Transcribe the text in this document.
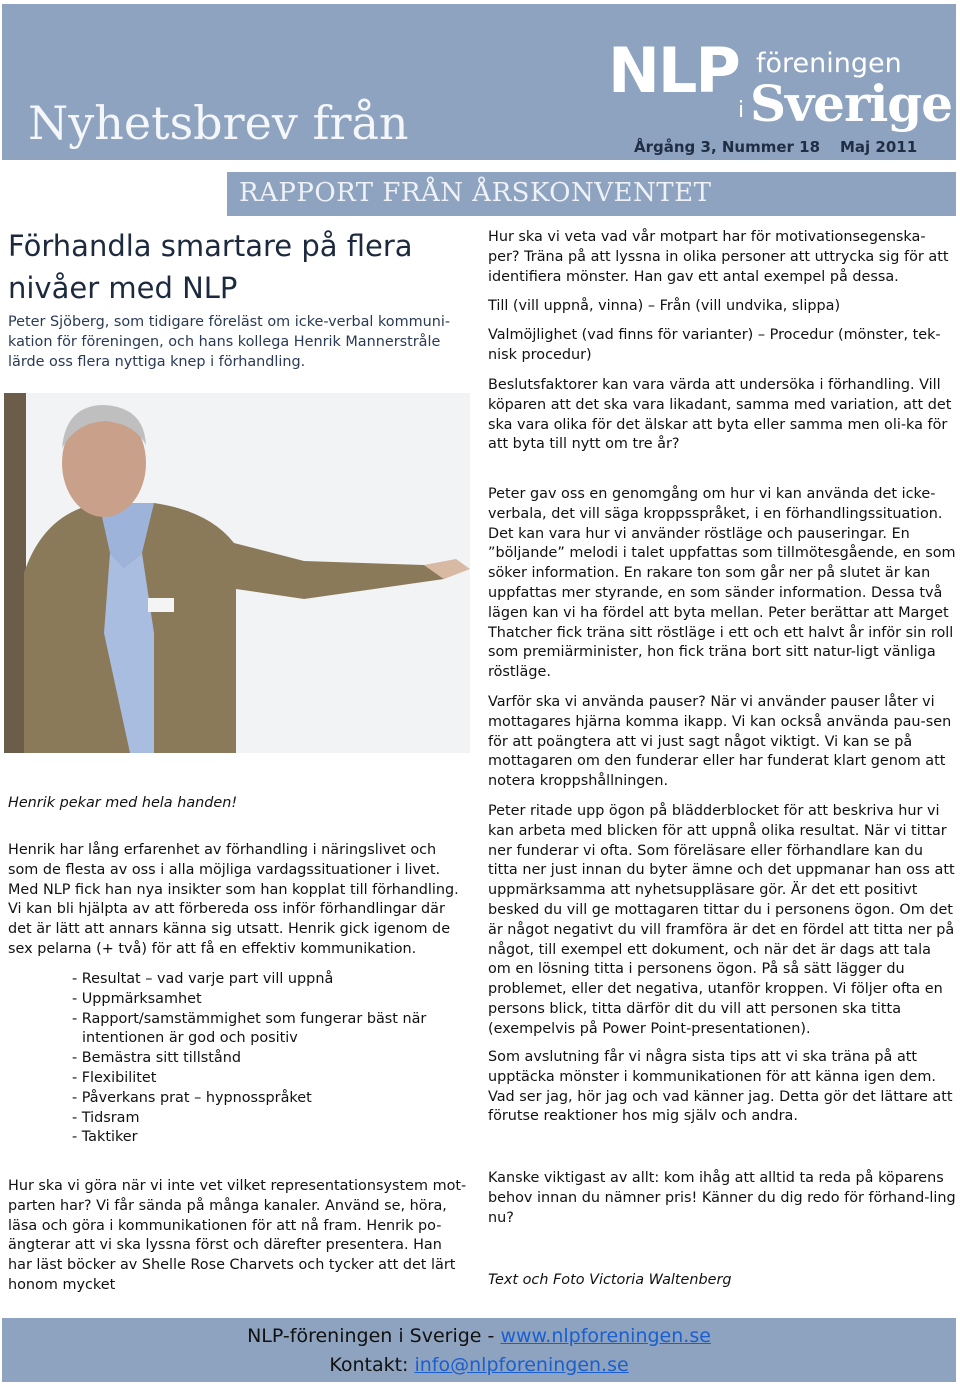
Nyhetsbrev från
NLP föreningen
i Sverige
Årgång 3, Nummer 18 Maj 2011
RAPPORT FRÅN ÅRSKONVENTET
Förhandla smartare på flera nivåer med NLP

Peter Sjöberg, som tidigare föreläst om icke-verbal kommuni-kation för föreningen, och hans kollega Henrik Mannerstråle lärde oss flera nyttiga knep i förhandling.

Henrik pekar med hela handen!

Henrik har lång erfarenhet av förhandling i näringslivet och som de flesta av oss i alla möjliga vardagssituationer i livet. Med NLP fick han nya insikter som han kopplat till förhandling. Vi kan bli hjälpta av att förbereda oss inför förhandlingar där det är lätt att annars känna sig utsatt. Henrik gick igenom de sex pelarna (+ två) för att få en effektiv kommunikation.

- Resultat – vad varje part vill uppnå
- Uppmärksamhet
- Rapport/samstämmighet som fungerar bäst när intentionen är god och positiv
- Bemästra sitt tillstånd
- Flexibilitet
- Påverkans prat – hypnosspråket
- Tidsram
- Taktiker

Hur ska vi göra när vi inte vet vilket representationsystem mot-parten har? Vi får sända på många kanaler. Använd se, höra, läsa och göra i kommunikationen för att nå fram. Henrik po-ängterar att vi ska lyssna först och därefter presentera. Han har läst böcker av Shelle Rose Charvets och tycker att det lärt honom mycket

Hur ska vi veta vad vår motpart har för motivationsegenska-per? Träna på att lyssna in olika personer att uttrycka sig för att identifiera mönster. Han gav ett antal exempel på dessa.

Till (vill uppnå, vinna) – Från (vill undvika, slippa)

Valmöjlighet (vad finns för varianter) – Procedur (mönster, tek-nisk procedur)

Beslutsfaktorer kan vara värda att undersöka i förhandling. Vill köparen att det ska vara likadant, samma med variation, att det ska vara olika för det älskar att byta eller samma men oli-ka för att byta till nytt om tre år?

Peter gav oss en genomgång om hur vi kan använda det icke-verbala, det vill säga kroppsspråket, i en förhandlingssituation. Det kan vara hur vi använder röstläge och pauseringar. En ”böljande” melodi i talet uppfattas som tillmötesgående, en som söker information. En rakare ton som går ner på slutet är kan uppfattas mer styrande, en som sänder information. Dessa två lägen kan vi ha fördel att byta mellan. Peter berättar att Marget Thatcher fick träna sitt röstläge i ett och ett halvt år inför sin roll som premiärminister, hon fick träna bort sitt natur-ligt vänliga röstläge.

Varför ska vi använda pauser? När vi använder pauser låter vi mottagares hjärna komma ikapp. Vi kan också använda pau-sen för att poängtera att vi just sagt något viktigt. Vi kan se på mottagaren om den funderar eller har funderat klart genom att notera kroppshållningen.

Peter ritade upp ögon på blädderblocket för att beskriva hur vi kan arbeta med blicken för att uppnå olika resultat. När vi tittar ner funderar vi ofta. Som föreläsare eller förhandlare kan du titta ner just innan du byter ämne och det uppmanar han oss att uppmärksamma att nyhetsuppläsare gör. Är det ett positivt besked du vill ge mottagaren tittar du i personens ögon. Om det är något negativt du vill framföra är det en fördel att titta ner på något, till exempel ett dokument, och när det är dags att tala om en lösning titta i personens ögon. På så sätt lägger du problemet, eller det negativa, utanför kroppen. Vi följer ofta en persons blick, titta därför dit du vill att personen ska titta (exempelvis på Power Point-presentationen).

Som avslutning får vi några sista tips att vi ska träna på att upptäcka mönster i kommunikationen för att känna igen dem. Vad ser jag, hör jag och vad känner jag. Detta gör det lättare att förutse reaktioner hos mig själv och andra.

Kanske viktigast av allt: kom ihåg att alltid ta reda på köparens behov innan du nämner pris! Känner du dig redo för förhand-ling nu?

Text och Foto Victoria Waltenberg

NLP-föreningen i Sverige - www.nlpforeningen.se
Kontakt: info@nlpforeningen.se
